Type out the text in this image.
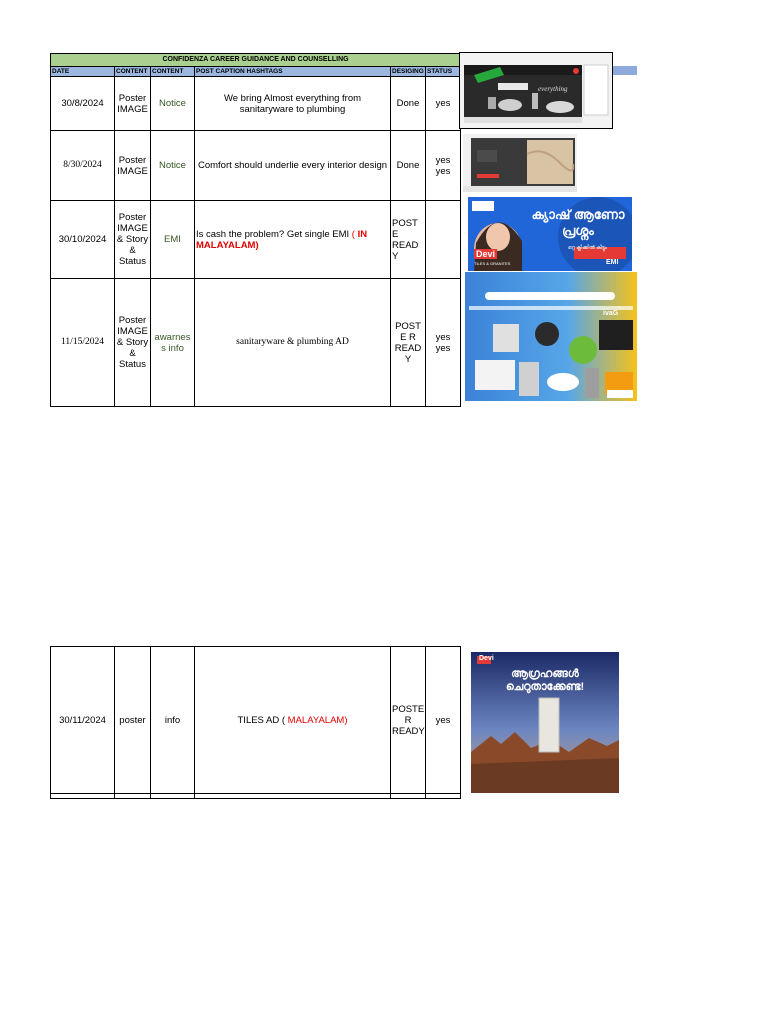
CONFIDENZA CAREER GUIDANCE AND COUNSELLING					
DATE	CONTENT	CONTENT	POST CAPTION HASHTAGS	DESIGING	STATUS
30/8/2024	Poster IMAGE	Notice	We bring Almost everything from sanitaryware to plumbing	Done	yes
8/30/2024	Poster IMAGE	Notice	Comfort should underlie every interior design	Done	yes yes
30/10/2024	Poster IMAGE & Story & Status	EMI	Is cash the problem? Get single EMI ( IN MALAYALAM)	POSTE READY	
11/15/2024	Poster IMAGE & Story & Status	awarnes s info	sanitaryware & plumbing AD	POSTE R READY	yes yes
everything
ക്യാഷ് ആണോ പ്രശ്നം
ഒറ്റ ക്ലിക്കിൽ കിട്ടും
EMI
Devi
TILES & GRANITES
ivaG
30/11/2024	poster	info	TILES AD ( MALAYALAM)	POSTE R READY	yes

Devi
ആഗ്രഹങ്ങൾ ചെറുതാക്കേണ്ട!
